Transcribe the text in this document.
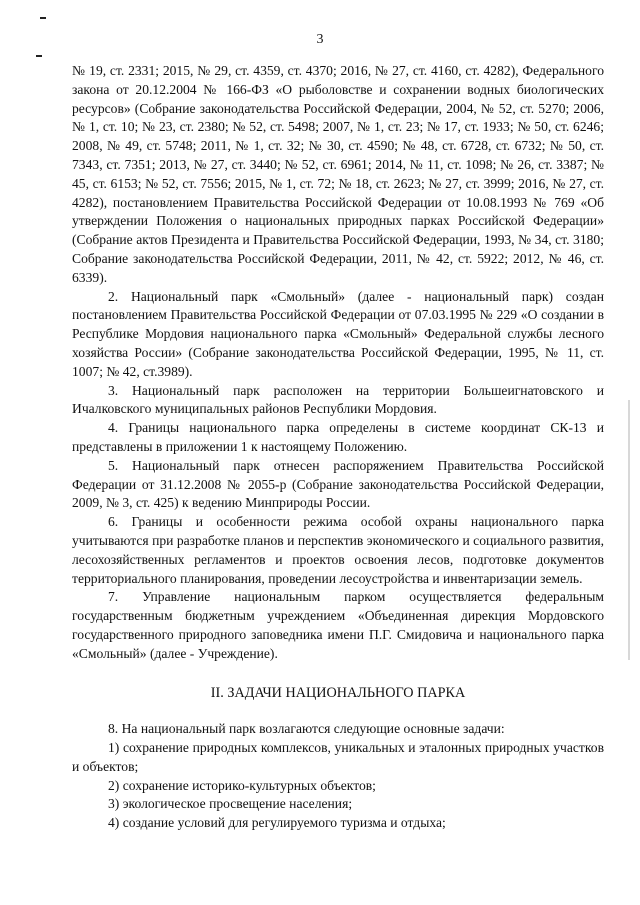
3

№ 19, ст. 2331; 2015, № 29, ст. 4359, ст. 4370; 2016, № 27, ст. 4160, ст. 4282), Федерального закона от 20.12.2004 № 166-ФЗ «О рыболовстве и сохранении водных биологических ресурсов» (Собрание законодательства Российской Федерации, 2004, № 52, ст. 5270; 2006, № 1, ст. 10; № 23, ст. 2380; № 52, ст. 5498; 2007, № 1, ст. 23; № 17, ст. 1933; № 50, ст. 6246; 2008, № 49, ст. 5748; 2011, № 1, ст. 32; № 30, ст. 4590; № 48, ст. 6728, ст. 6732; № 50, ст. 7343, ст. 7351; 2013, № 27, ст. 3440; № 52, ст. 6961; 2014, № 11, ст. 1098; № 26, ст. 3387; № 45, ст. 6153; № 52, ст. 7556; 2015, № 1, ст. 72; № 18, ст. 2623; № 27, ст. 3999; 2016, № 27, ст. 4282), постановлением Правительства Российской Федерации от 10.08.1993 № 769 «Об утверждении Положения о национальных природных парках Российской Федерации» (Собрание актов Президента и Правительства Российской Федерации, 1993, № 34, ст. 3180; Собрание законодательства Российской Федерации, 2011, № 42, ст. 5922; 2012, № 46, ст. 6339).

2. Национальный парк «Смольный» (далее - национальный парк) создан постановлением Правительства Российской Федерации от 07.03.1995 № 229 «О создании в Республике Мордовия национального парка «Смольный» Федеральной службы лесного хозяйства России» (Собрание законодательства Российской Федерации, 1995, № 11, ст. 1007; № 42, ст.3989).

3. Национальный парк расположен на территории Большеигнатовского и Ичалковского муниципальных районов Республики Мордовия.

4. Границы национального парка определены в системе координат СК-13 и представлены в приложении 1 к настоящему Положению.

5. Национальный парк отнесен распоряжением Правительства Российской Федерации от 31.12.2008 № 2055-р (Собрание законодательства Российской Федерации, 2009, № 3, ст. 425) к ведению Минприроды России.

6. Границы и особенности режима особой охраны национального парка учитываются при разработке планов и перспектив экономического и социального развития, лесохозяйственных регламентов и проектов освоения лесов, подготовке документов территориального планирования, проведении лесоустройства и инвентаризации земель.

7. Управление национальным парком осуществляется федеральным государственным бюджетным учреждением «Объединенная дирекция Мордовского государственного природного заповедника имени П.Г. Смидовича и национального парка «Смольный» (далее - Учреждение).

II. ЗАДАЧИ НАЦИОНАЛЬНОГО ПАРКА

8. На национальный парк возлагаются следующие основные задачи:

1) сохранение природных комплексов, уникальных и эталонных природных участков и объектов;

2) сохранение историко-культурных объектов;

3) экологическое просвещение населения;

4) создание условий для регулируемого туризма и отдыха;
